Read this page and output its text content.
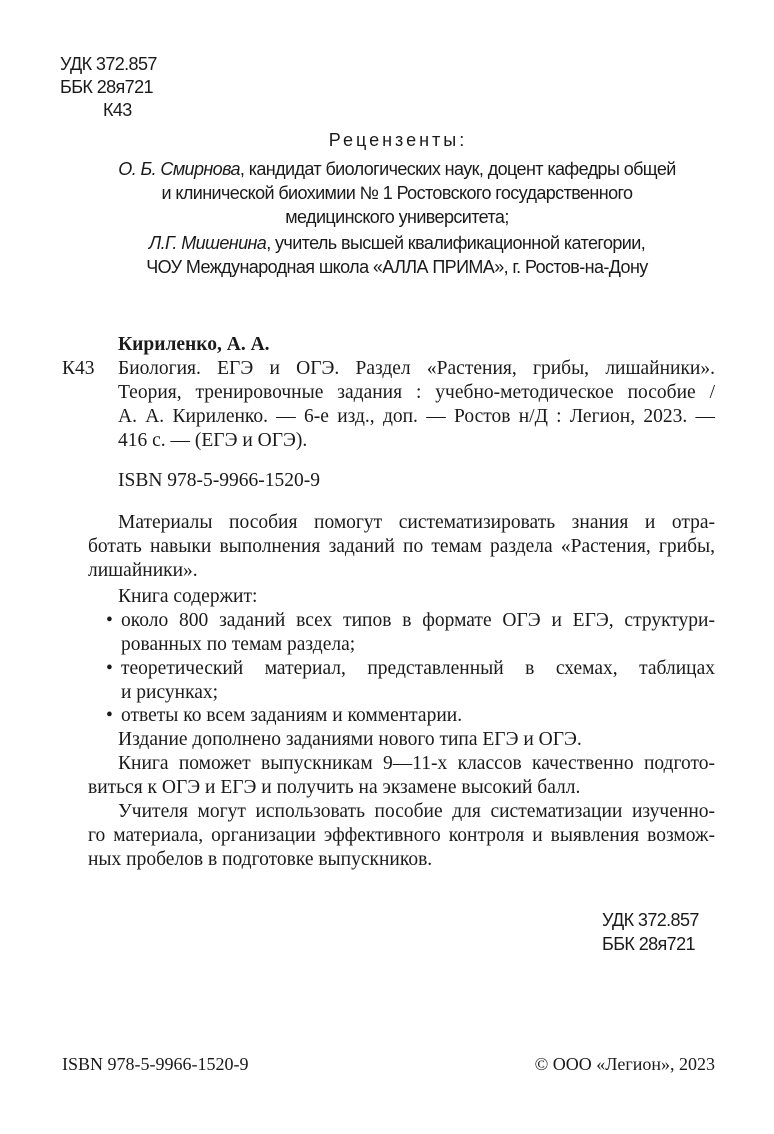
УДК 372.857
ББК 28я721
К43
Рецензенты:
О. Б. Смирнова, кандидат биологических наук, доцент кафедры общей
и клинической биохимии № 1 Ростовского государственного
медицинского университета;
Л.Г. Мишенина, учитель высшей квалификационной категории,
ЧОУ Международная школа «АЛЛА ПРИМА», г. Ростов-на-Дону
Кириленко, А. А.
К43 Биология. ЕГЭ и ОГЭ. Раздел «Растения, грибы, лишайники».
Теория, тренировочные задания : учебно-методическое пособие /
А. А. Кириленко. — 6-е изд., доп. — Ростов н/Д : Легион, 2023. —
416 с. — (ЕГЭ и ОГЭ).
ISBN 978-5-9966-1520-9
Материалы пособия помогут систематизировать знания и отра-
ботать навыки выполнения заданий по темам раздела «Растения, грибы,
лишайники».
Книга содержит:
• около 800 заданий всех типов в формате ОГЭ и ЕГЭ, структури-
рованных по темам раздела;
• теоретический материал, представленный в схемах, таблицах
и рисунках;
• ответы ко всем заданиям и комментарии.
Издание дополнено заданиями нового типа ЕГЭ и ОГЭ.
Книга поможет выпускникам 9—11-х классов качественно подгото-
виться к ОГЭ и ЕГЭ и получить на экзамене высокий балл.
Учителя могут использовать пособие для систематизации изученно-
го материала, организации эффективного контроля и выявления возмож-
ных пробелов в подготовке выпускников.
УДК 372.857
ББК 28я721
ISBN 978-5-9966-1520-9	© ООО «Легион», 2023
